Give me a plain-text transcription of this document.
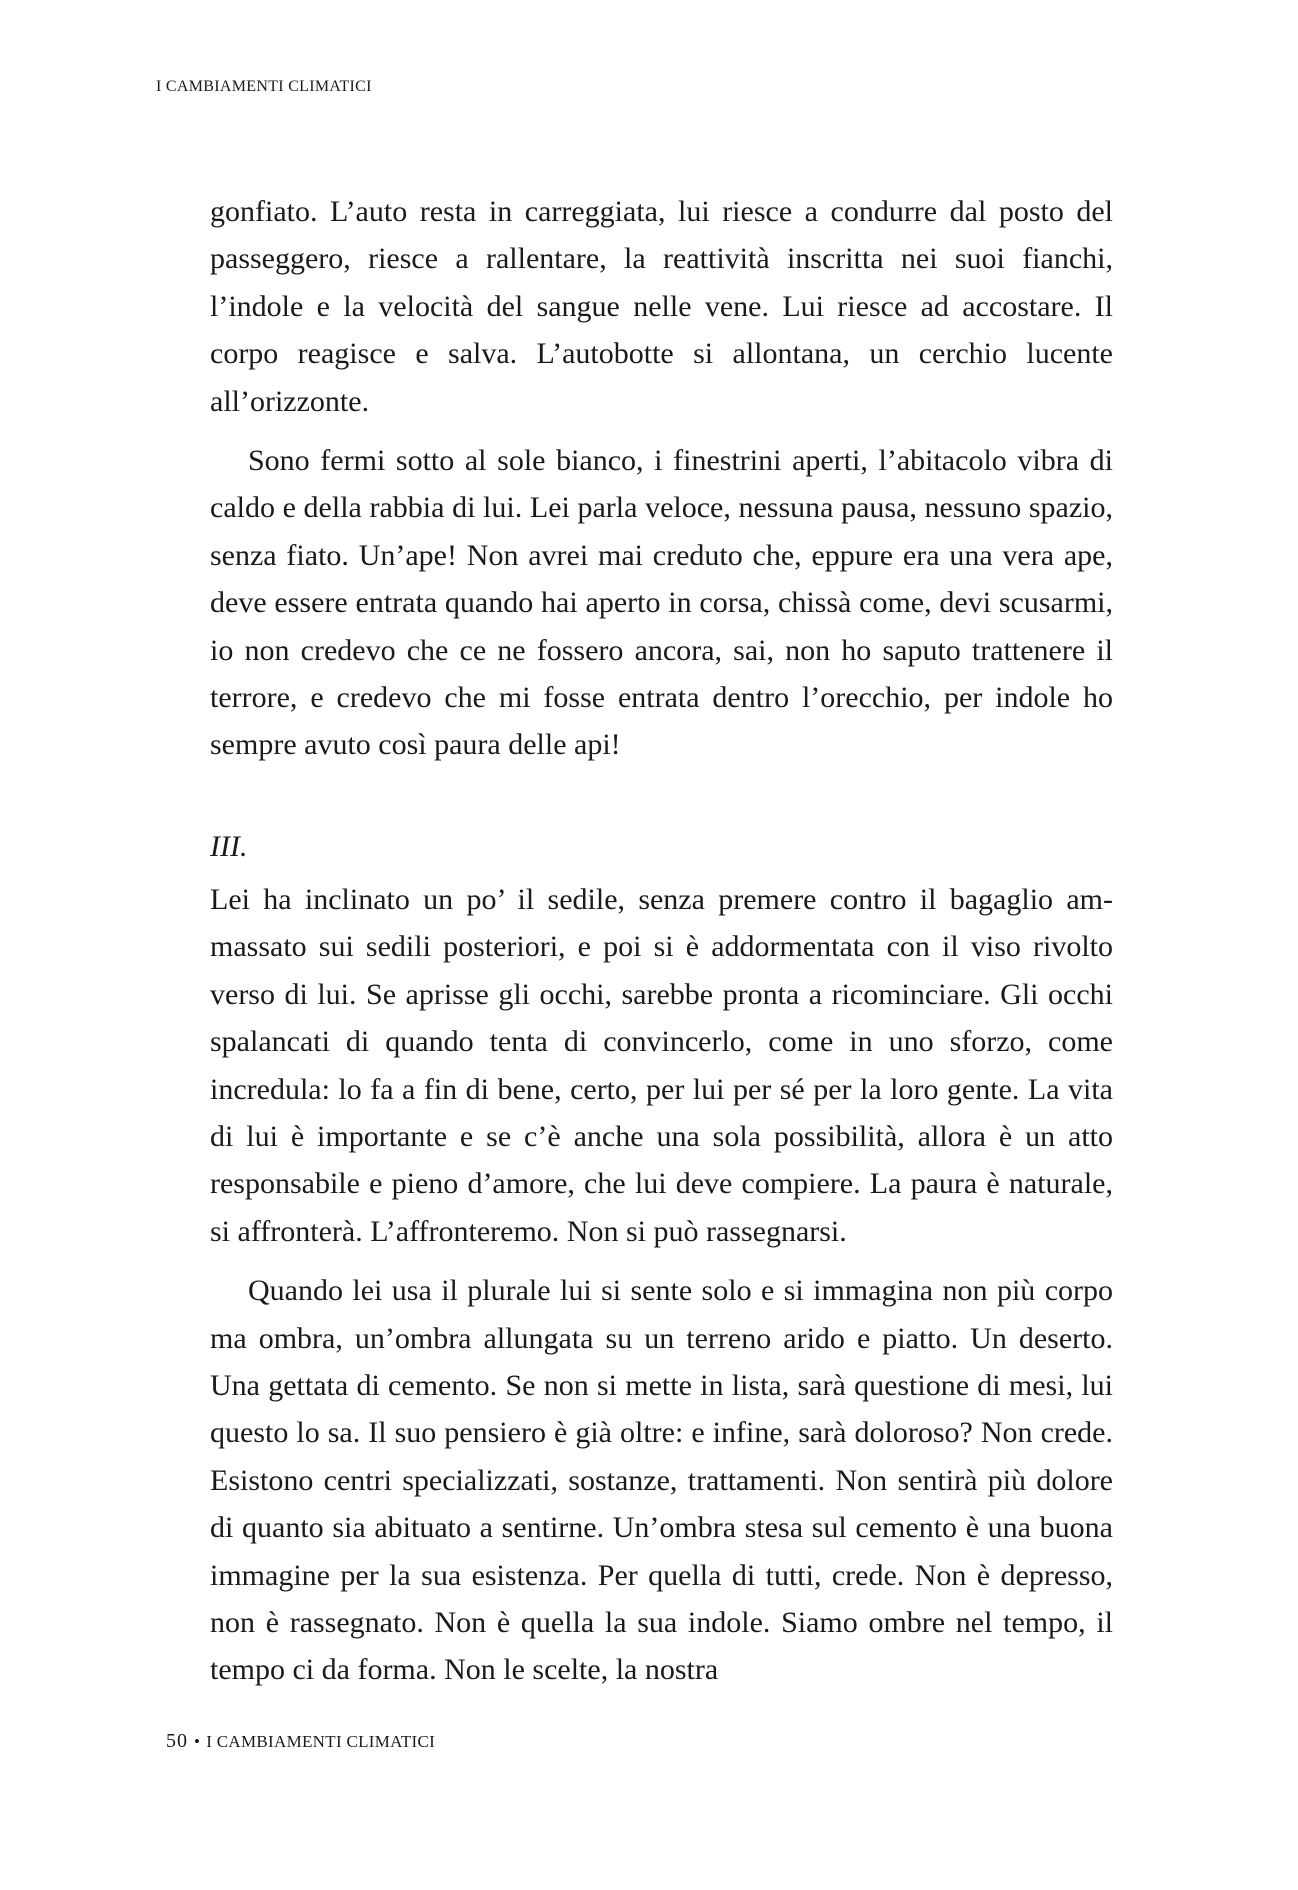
I CAMBIAMENTI CLIMATICI

gonfiato. L’auto resta in carreggiata, lui riesce a condurre dal posto del passeggero, riesce a rallentare, la reattività inscritta nei suoi fianchi, l’indole e la velocità del sangue nelle vene. Lui riesce ad accostare. Il corpo reagisce e salva. L’autobotte si allontana, un cerchio lucente all’orizzonte.

Sono fermi sotto al sole bianco, i finestrini aperti, l’abitacolo vibra di caldo e della rabbia di lui. Lei parla veloce, nessuna pausa, nessuno spazio, senza fiato. Un’ape! Non avrei mai creduto che, eppure era una vera ape, deve essere entrata quando hai aperto in corsa, chissà come, devi scusarmi, io non credevo che ce ne fossero ancora, sai, non ho saputo trattenere il terrore, e credevo che mi fosse entrata dentro l’orecchio, per indole ho sempre avuto così paura delle api!

III.

Lei ha inclinato un po’ il sedile, senza premere contro il bagaglio ammassato sui sedili posteriori, e poi si è addormentata con il viso rivolto verso di lui. Se aprisse gli occhi, sarebbe pronta a ricominciare. Gli occhi spalancati di quando tenta di convincerlo, come in uno sforzo, come incredula: lo fa a fin di bene, certo, per lui per sé per la loro gente. La vita di lui è importante e se c’è anche una sola possibilità, allora è un atto responsabile e pieno d’amore, che lui deve compiere. La paura è naturale, si affronterà. L’affronteremo. Non si può rassegnarsi.

Quando lei usa il plurale lui si sente solo e si immagina non più corpo ma ombra, un’ombra allungata su un terreno arido e piatto. Un deserto. Una gettata di cemento. Se non si mette in lista, sarà questione di mesi, lui questo lo sa. Il suo pensiero è già oltre: e infine, sarà doloroso? Non crede. Esistono centri specializzati, sostanze, trattamenti. Non sentirà più dolore di quanto sia abituato a sentirne. Un’ombra stesa sul cemento è una buona immagine per la sua esistenza. Per quella di tutti, crede. Non è depresso, non è rassegnato. Non è quella la sua indole. Siamo ombre nel tempo, il tempo ci da forma. Non le scelte, la nostra

50 • I CAMBIAMENTI CLIMATICI
